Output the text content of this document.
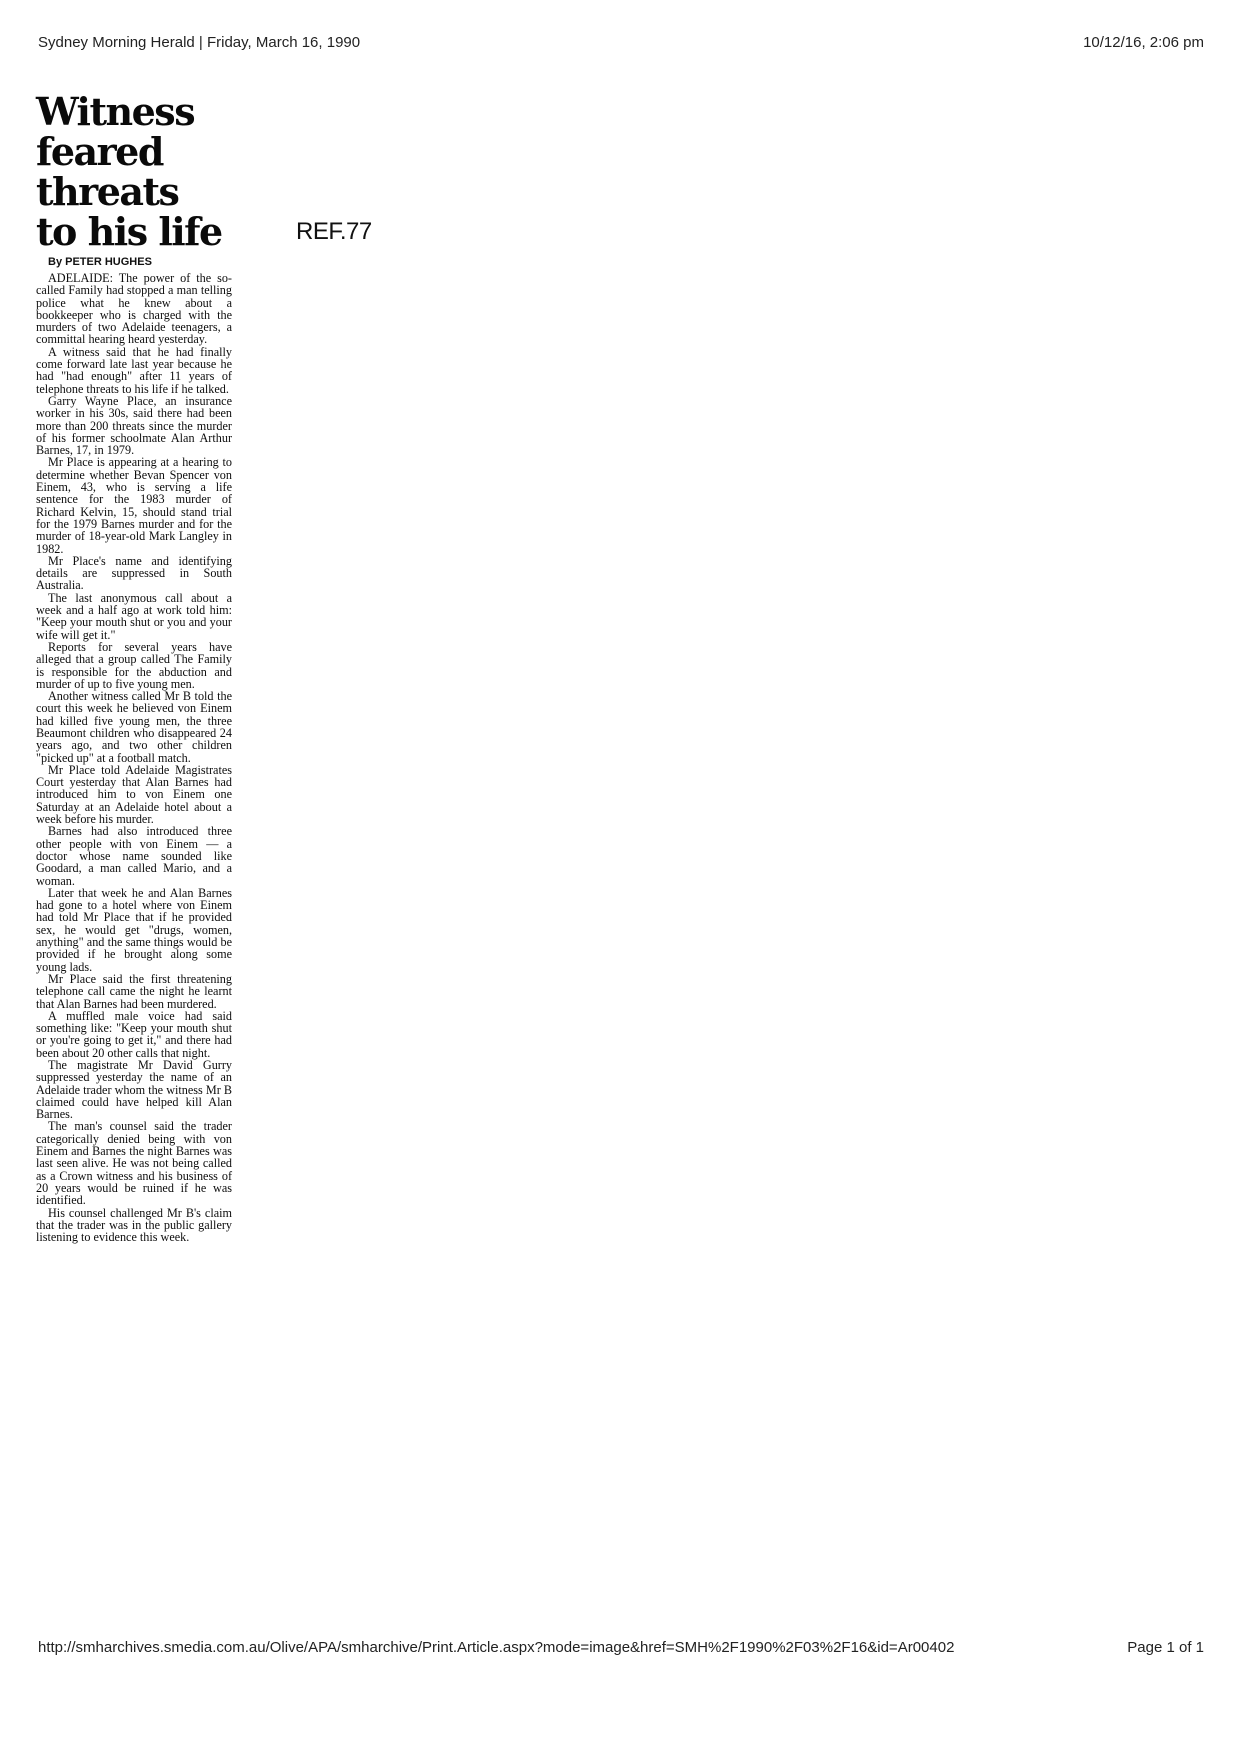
Sydney Morning Herald | Friday, March 16, 1990	10/12/16, 2:06 pm
Witness
feared
threats
to his life
By PETER HUGHES

ADELAIDE: The power of the so-called Family had stopped a man telling police what he knew about a bookkeeper who is charged with the murders of two Adelaide teenagers, a committal hearing heard yesterday.

A witness said that he had finally come forward late last year because he had "had enough" after 11 years of telephone threats to his life if he talked.

Garry Wayne Place, an insurance worker in his 30s, said there had been more than 200 threats since the murder of his former schoolmate Alan Arthur Barnes, 17, in 1979.

Mr Place is appearing at a hearing to determine whether Bevan Spencer von Einem, 43, who is serving a life sentence for the 1983 murder of Richard Kelvin, 15, should stand trial for the 1979 Barnes murder and for the murder of 18-year-old Mark Langley in 1982.

Mr Place's name and identifying details are suppressed in South Australia.

The last anonymous call about a week and a half ago at work told him: "Keep your mouth shut or you and your wife will get it."

Reports for several years have alleged that a group called The Family is responsible for the abduction and murder of up to five young men.

Another witness called Mr B told the court this week he believed von Einem had killed five young men, the three Beaumont children who disappeared 24 years ago, and two other children "picked up" at a football match.

Mr Place told Adelaide Magistrates Court yesterday that Alan Barnes had introduced him to von Einem one Saturday at an Adelaide hotel about a week before his murder.

Barnes had also introduced three other people with von Einem — a doctor whose name sounded like Goodard, a man called Mario, and a woman.

Later that week he and Alan Barnes had gone to a hotel where von Einem had told Mr Place that if he provided sex, he would get "drugs, women, anything" and the same things would be provided if he brought along some young lads.

Mr Place said the first threatening telephone call came the night he learnt that Alan Barnes had been murdered.

A muffled male voice had said something like: "Keep your mouth shut or you're going to get it," and there had been about 20 other calls that night.

The magistrate Mr David Gurry suppressed yesterday the name of an Adelaide trader whom the witness Mr B claimed could have helped kill Alan Barnes.

The man's counsel said the trader categorically denied being with von Einem and Barnes the night Barnes was last seen alive. He was not being called as a Crown witness and his business of 20 years would be ruined if he was identified.

His counsel challenged Mr B's claim that the trader was in the public gallery listening to evidence this week.

REF.77
http://smharchives.smedia.com.au/Olive/APA/smharchive/Print.Article.aspx?mode=image&href=SMH%2F1990%2F03%2F16&id=Ar00402	Page 1 of 1
